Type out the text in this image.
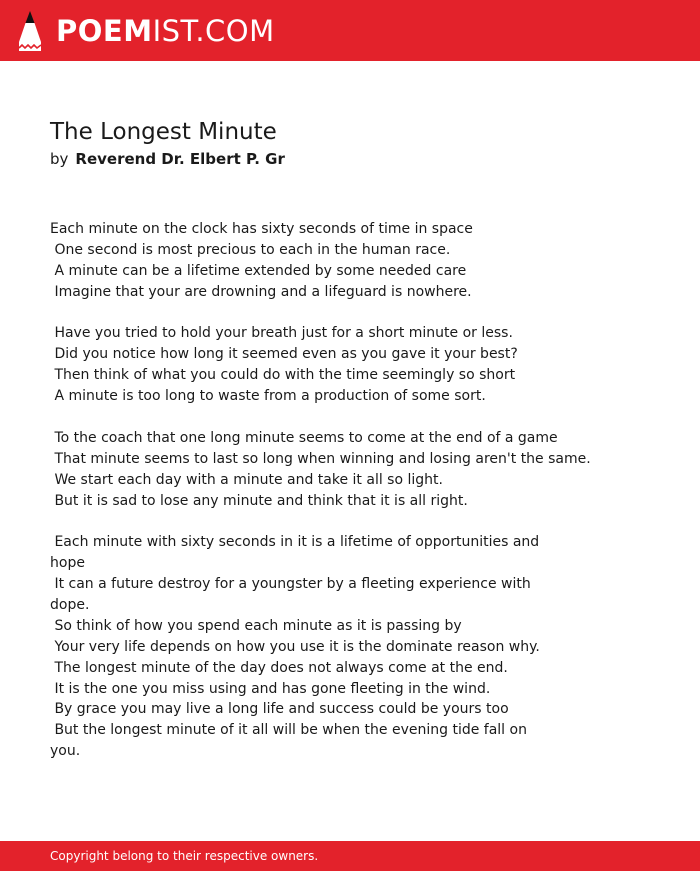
POEMIST.COM
The Longest Minute
by Reverend Dr. Elbert P. Gr
Each minute on the clock has sixty seconds of time in space
One second is most precious to each in the human race.
A minute can be a lifetime extended by some needed care
Imagine that your are drowning and a lifeguard is nowhere.
Have you tried to hold your breath just for a short minute or less.
Did you notice how long it seemed even as you gave it your best?
Then think of what you could do with the time seemingly so short
A minute is too long to waste from a production of some sort.
To the coach that one long minute seems to come at the end of a game
That minute seems to last so long when winning and losing aren't the same.
We start each day with a minute and take it all so light.
But it is sad to lose any minute and think that it is all right.
Each minute with sixty seconds in it is a lifetime of opportunities and
hope
It can a future destroy for a youngster by a fleeting experience with
dope.
So think of how you spend each minute as it is passing by
Your very life depends on how you use it is the dominate reason why.
The longest minute of the day does not always come at the end.
It is the one you miss using and has gone fleeting in the wind.
By grace you may live a long life and success could be yours too
But the longest minute of it all will be when the evening tide fall on
you.
Copyright belong to their respective owners.
